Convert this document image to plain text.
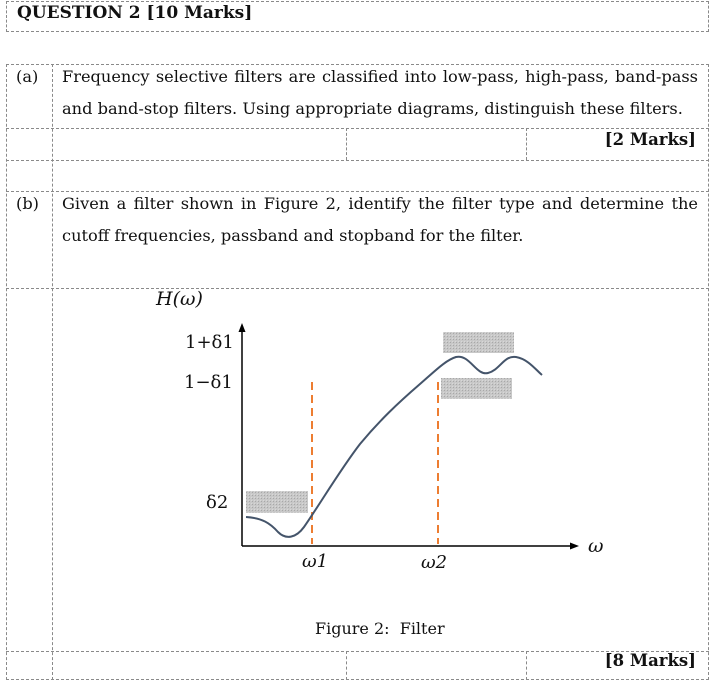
QUESTION 2 [10 Marks]
(a) Frequency selective filters are classified into low-pass, high-pass, band-pass
and band-stop filters. Using appropriate diagrams, distinguish these filters.
[2 Marks]
(b) Given a filter shown in Figure 2, identify the filter type and determine the
cutoff frequencies, passband and stopband for the filter.
[8 Marks]
H(ω)
1+δ1
1−δ1
δ2
ω1	ω2
ω
Figure 2:  Filter
